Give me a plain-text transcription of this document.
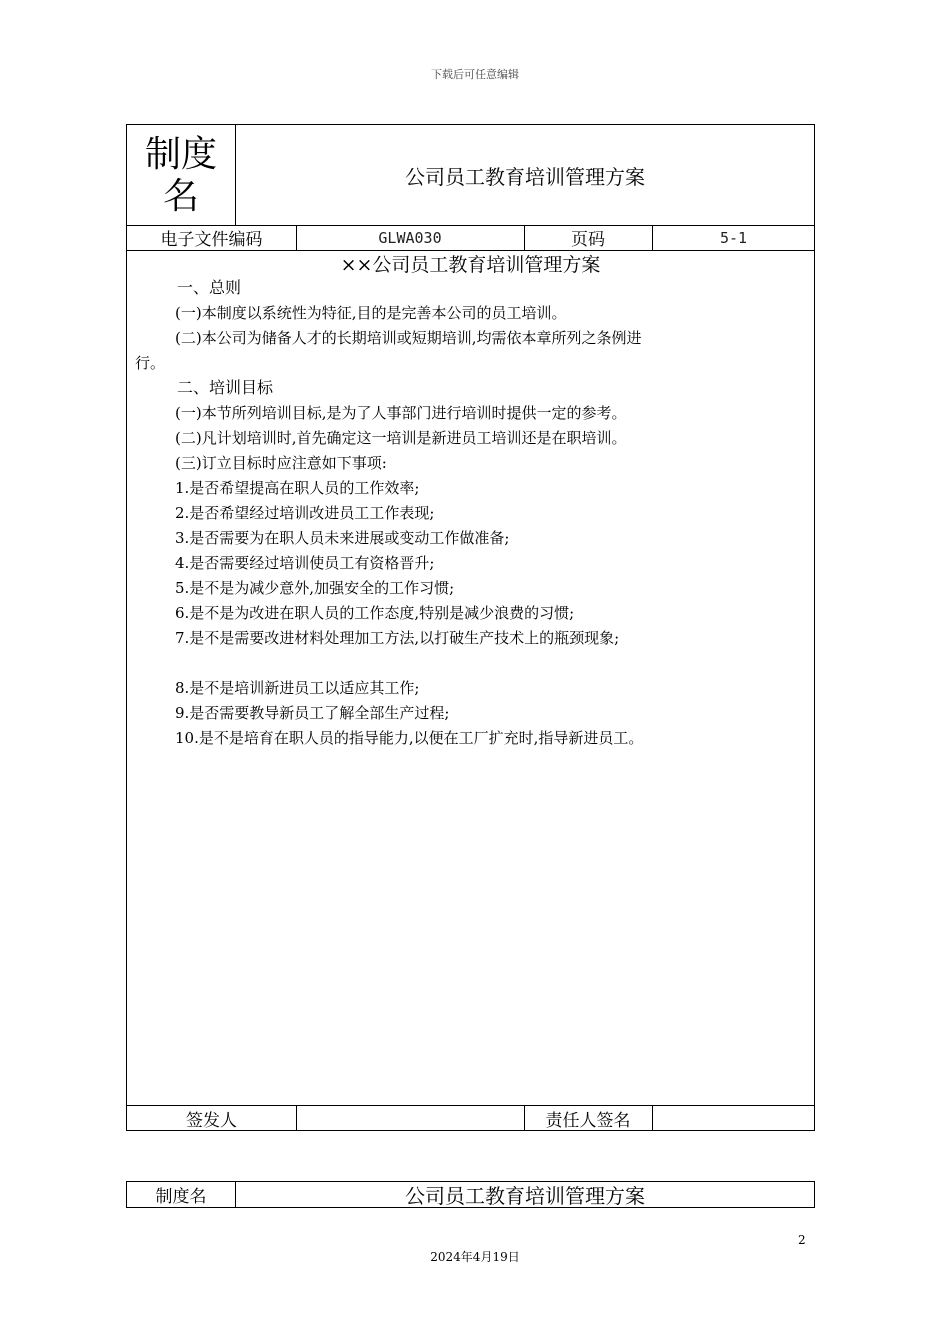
下载后可任意编辑
制度
名	公司员工教育培训管理方案
电子文件编码	GLWA030	页码	5-1
××公司员工教育培训管理方案
一、总则
(一)本制度以系统性为特征,目的是完善本公司的员工培训。
(二)本公司为储备人才的长期培训或短期培训,均需依本章所列之条例进
行。
二、培训目标
(一)本节所列培训目标,是为了人事部门进行培训时提供一定的参考。
(二)凡计划培训时,首先确定这一培训是新进员工培训还是在职培训。
(三)订立目标时应注意如下事项:
1.是否希望提高在职人员的工作效率;
2.是否希望经过培训改进员工工作表现;
3.是否需要为在职人员未来进展或变动工作做准备;
4.是否需要经过培训使员工有资格晋升;
5.是不是为减少意外,加强安全的工作习惯;
6.是不是为改进在职人员的工作态度,特别是减少浪费的习惯;
7.是不是需要改进材料处理加工方法,以打破生产技术上的瓶颈现象;
8.是不是培训新进员工以适应其工作;
9.是否需要教导新员工了解全部生产过程;
10.是不是培育在职人员的指导能力,以便在工厂扩充时,指导新进员工。
签发人	责任人签名
制度名	公司员工教育培训管理方案
2
2024年4月19日
